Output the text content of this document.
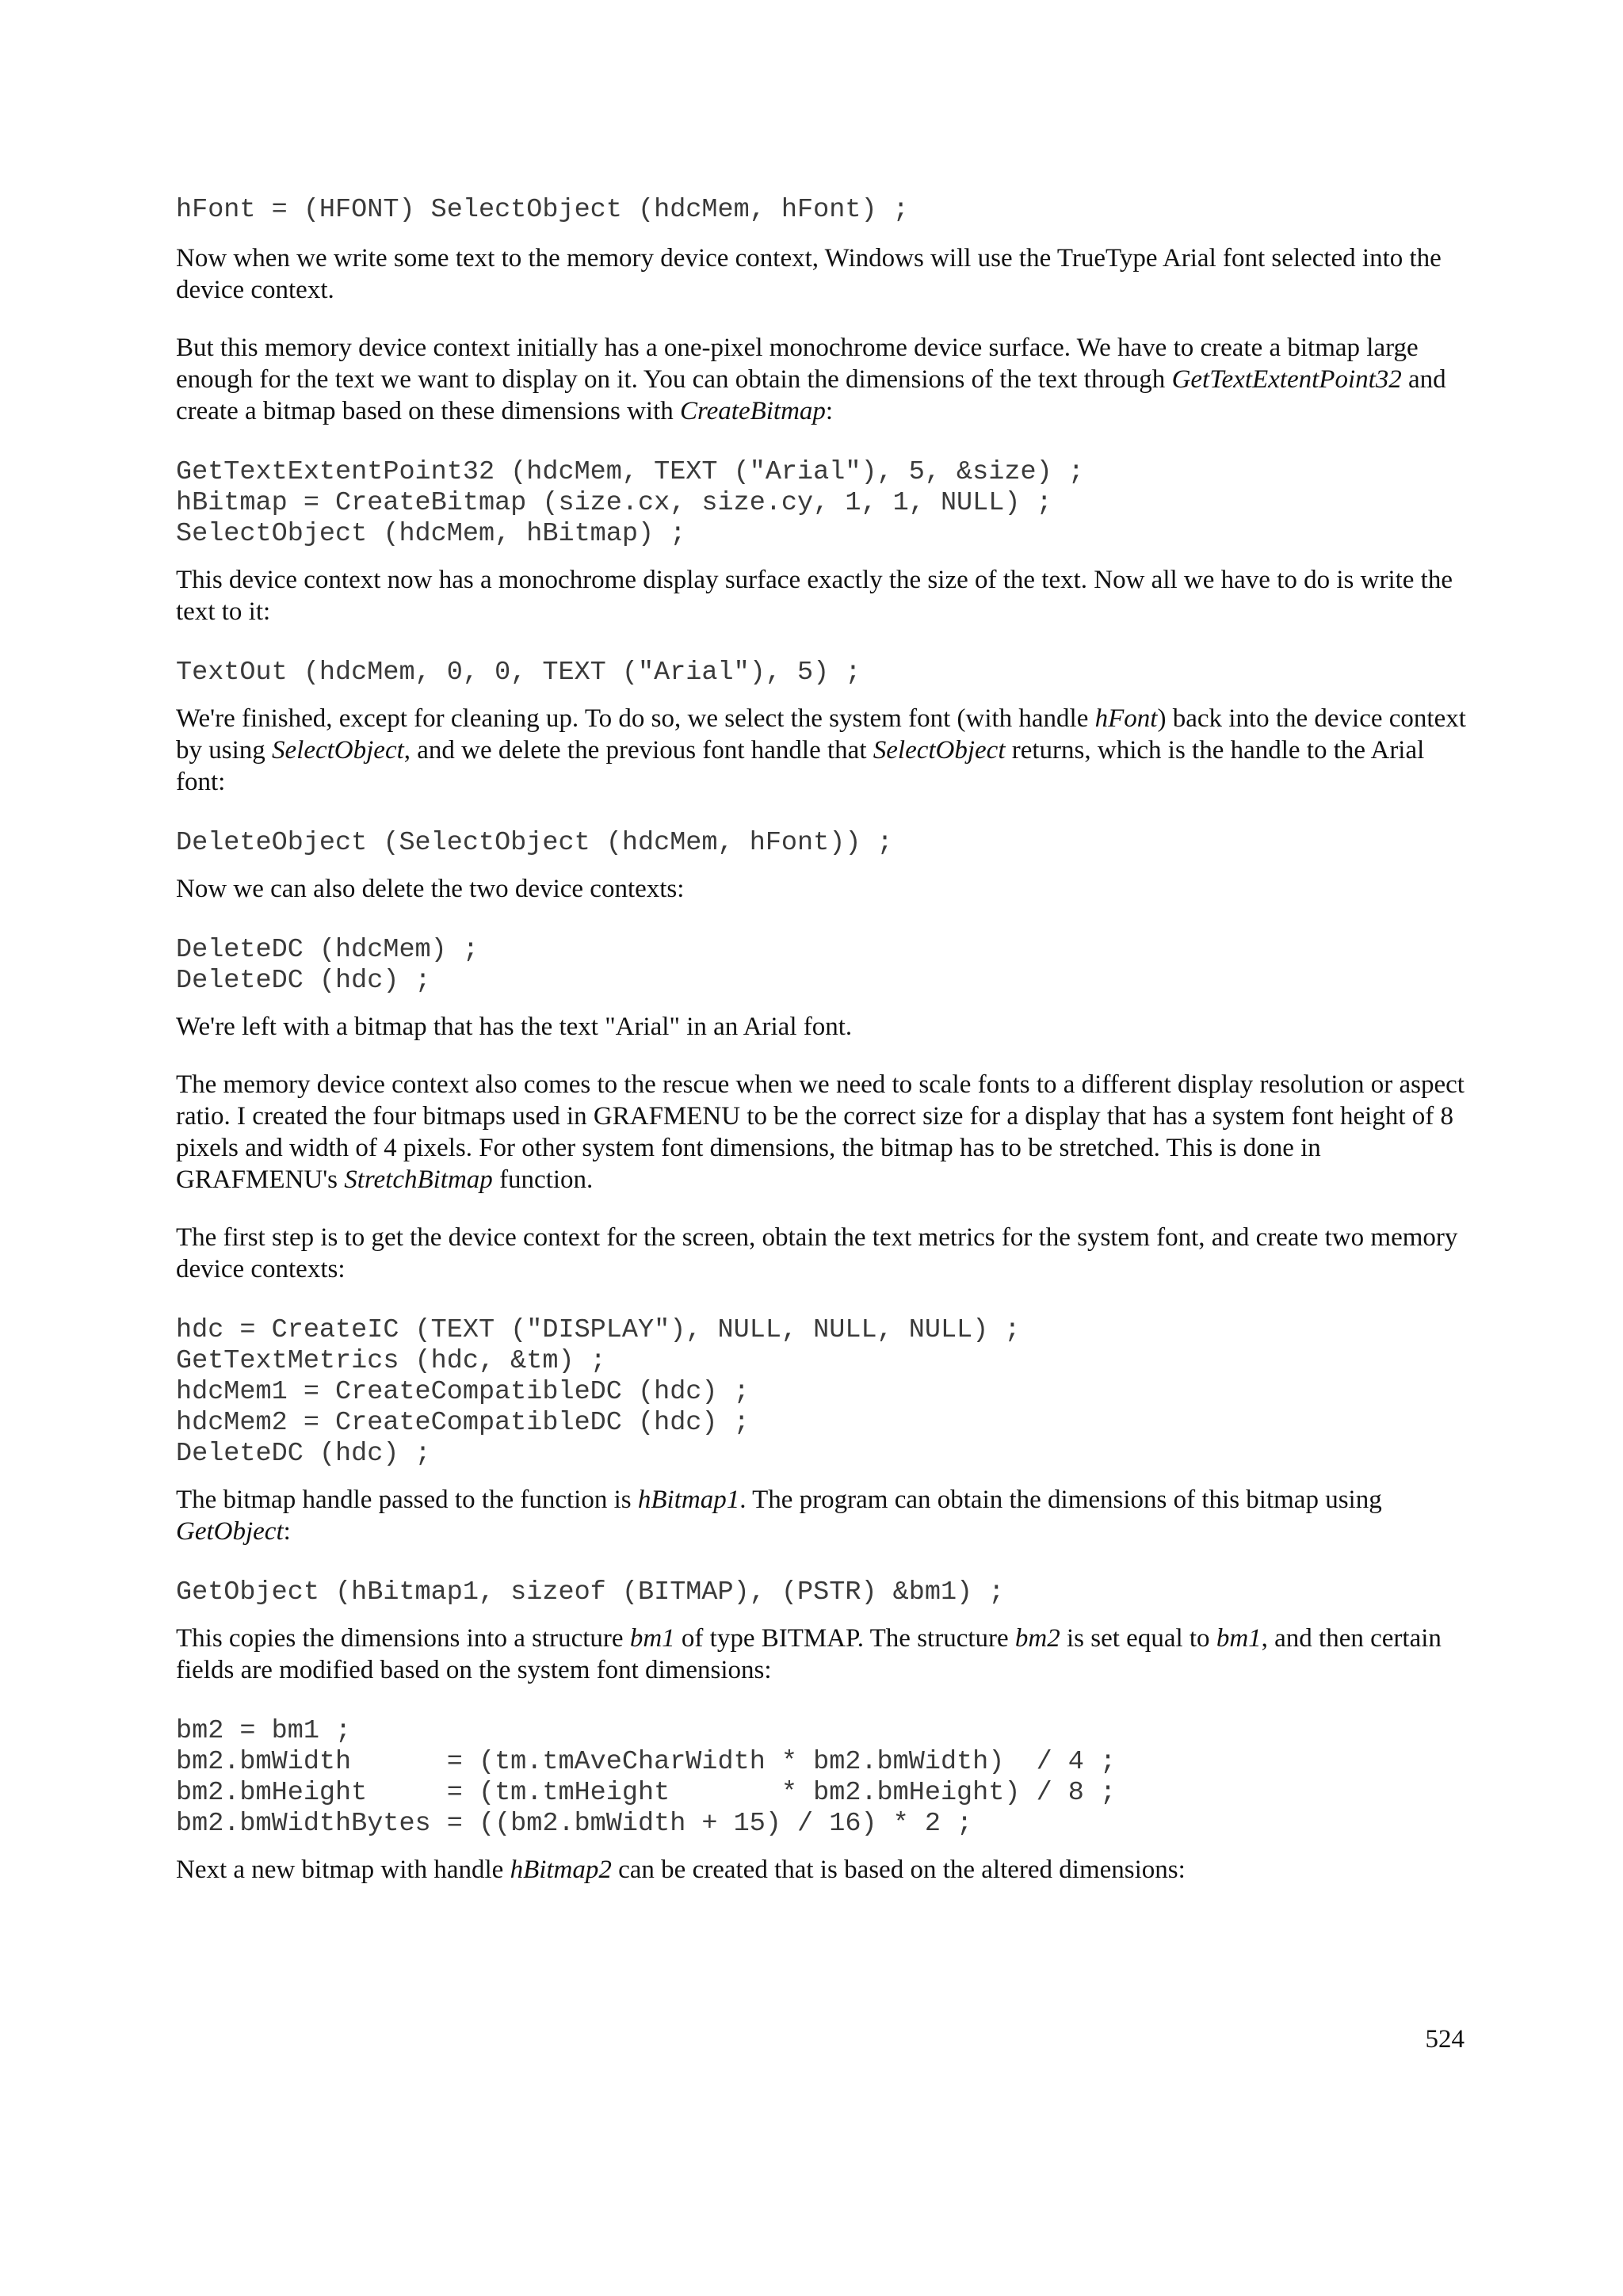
hFont = (HFONT) SelectObject (hdcMem, hFont) ;

Now when we write some text to the memory device context, Windows will use the TrueType Arial font selected into the device context.

But this memory device context initially has a one-pixel monochrome device surface. We have to create a bitmap large enough for the text we want to display on it. You can obtain the dimensions of the text through GetTextExtentPoint32 and create a bitmap based on these dimensions with CreateBitmap:

GetTextExtentPoint32 (hdcMem, TEXT ("Arial"), 5, &size) ;
hBitmap = CreateBitmap (size.cx, size.cy, 1, 1, NULL) ;
SelectObject (hdcMem, hBitmap) ;

This device context now has a monochrome display surface exactly the size of the text. Now all we have to do is write the text to it:

TextOut (hdcMem, 0, 0, TEXT ("Arial"), 5) ;

We're finished, except for cleaning up. To do so, we select the system font (with handle hFont) back into the device context by using SelectObject, and we delete the previous font handle that SelectObject returns, which is the handle to the Arial font:

DeleteObject (SelectObject (hdcMem, hFont)) ;

Now we can also delete the two device contexts:

DeleteDC (hdcMem) ;
DeleteDC (hdc) ;

We're left with a bitmap that has the text "Arial" in an Arial font.

The memory device context also comes to the rescue when we need to scale fonts to a different display resolution or aspect ratio. I created the four bitmaps used in GRAFMENU to be the correct size for a display that has a system font height of 8 pixels and width of 4 pixels. For other system font dimensions, the bitmap has to be stretched. This is done in GRAFMENU's StretchBitmap function.

The first step is to get the device context for the screen, obtain the text metrics for the system font, and create two memory device contexts:

hdc = CreateIC (TEXT ("DISPLAY"), NULL, NULL, NULL) ;
GetTextMetrics (hdc, &tm) ;
hdcMem1 = CreateCompatibleDC (hdc) ;
hdcMem2 = CreateCompatibleDC (hdc) ;
DeleteDC (hdc) ;

The bitmap handle passed to the function is hBitmap1. The program can obtain the dimensions of this bitmap using GetObject:

GetObject (hBitmap1, sizeof (BITMAP), (PSTR) &bm1) ;

This copies the dimensions into a structure bm1 of type BITMAP. The structure bm2 is set equal to bm1, and then certain fields are modified based on the system font dimensions:

bm2 = bm1 ;
bm2.bmWidth      = (tm.tmAveCharWidth * bm2.bmWidth)  / 4 ;
bm2.bmHeight     = (tm.tmHeight       * bm2.bmHeight) / 8 ;
bm2.bmWidthBytes = ((bm2.bmWidth + 15) / 16) * 2 ;

Next a new bitmap with handle hBitmap2 can be created that is based on the altered dimensions:

524
